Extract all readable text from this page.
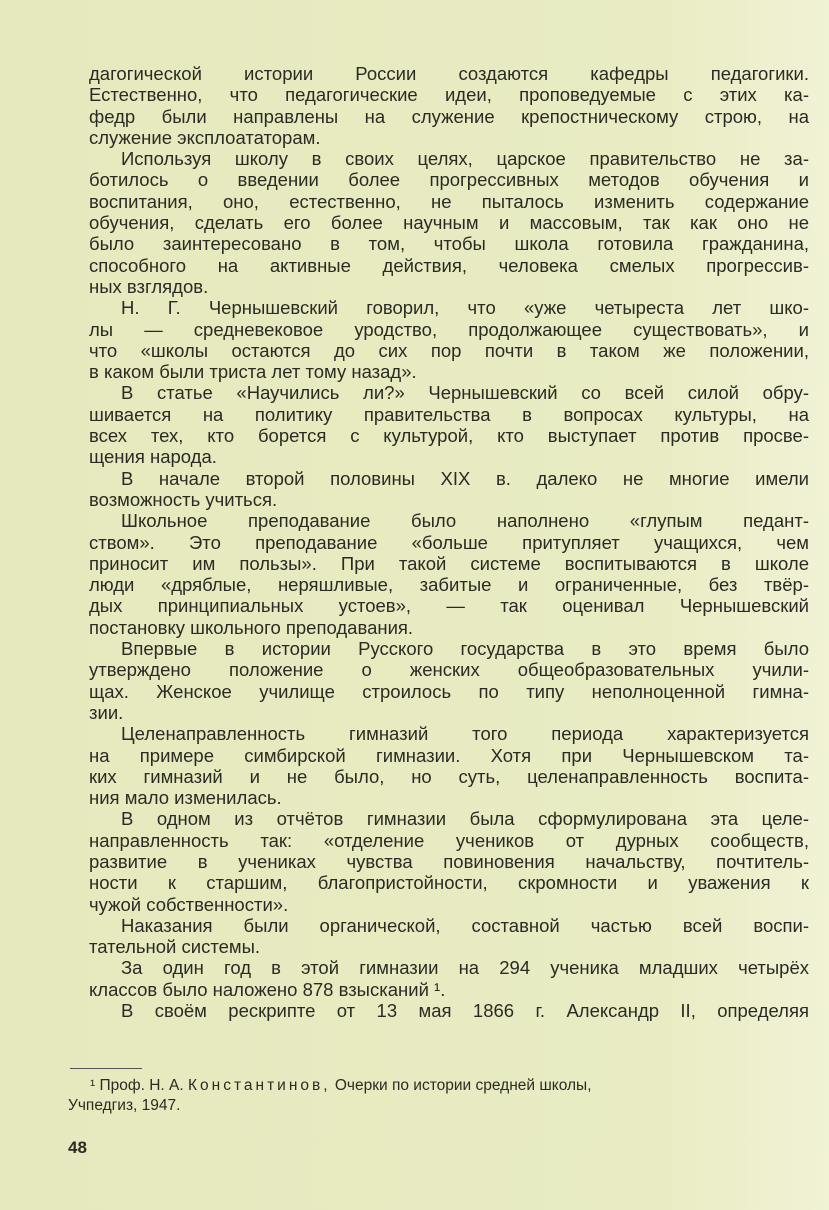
дагогической истории России создаются кафедры педагогики.
Естественно, что педагогические идеи, проповедуемые с этих ка-
федр были направлены на служение крепостническому строю, на
служение эксплоататорам.
Используя школу в своих целях, царское правительство не за-
ботилось о введении более прогрессивных методов обучения и
воспитания, оно, естественно, не пыталось изменить содержание
обучения, сделать его более научным и массовым, так как оно не
было заинтересовано в том, чтобы школа готовила гражданина,
способного на активные действия, человека смелых прогрессив-
ных взглядов.
Н. Г. Чернышевский говорил, что «уже четыреста лет шко-
лы — средневековое уродство, продолжающее существовать», и
что «школы остаются до сих пор почти в таком же положении,
в каком были триста лет тому назад».
В статье «Научились ли?» Чернышевский со всей силой обру-
шивается на политику правительства в вопросах культуры, на
всех тех, кто борется с культурой, кто выступает против просве-
щения народа.
В начале второй половины XIX в. далеко не многие имели
возможность учиться.
Школьное преподавание было наполнено «глупым педант-
ством». Это преподавание «больше притупляет учащихся, чем
приносит им пользы». При такой системе воспитываются в школе
люди «дряблые, неряшливые, забитые и ограниченные, без твёр-
дых принципиальных устоев», — так оценивал Чернышевский
постановку школьного преподавания.
Впервые в истории Русского государства в это время было
утверждено положение о женских общеобразовательных учили-
щах. Женское училище строилось по типу неполноценной гимна-
зии.
Целенаправленность гимназий того периода характеризуется
на примере симбирской гимназии. Хотя при Чернышевском та-
ких гимназий и не было, но суть, целенаправленность воспита-
ния мало изменилась.
В одном из отчётов гимназии была сформулирована эта целе-
направленность так: «отделение учеников от дурных сообществ,
развитие в учениках чувства повиновения начальству, почтитель-
ности к старшим, благопристойности, скромности и уважения к
чужой собственности».
Наказания были органической, составной частью всей воспи-
тательной системы.
За один год в этой гимназии на 294 ученика младших четырёх
классов было наложено 878 взысканий ¹.
В своём рескрипте от 13 мая 1866 г. Александр II, определяя
¹ Проф. Н. А. Константинов, Очерки по истории средней школы,
Учпедгиз, 1947.
48
